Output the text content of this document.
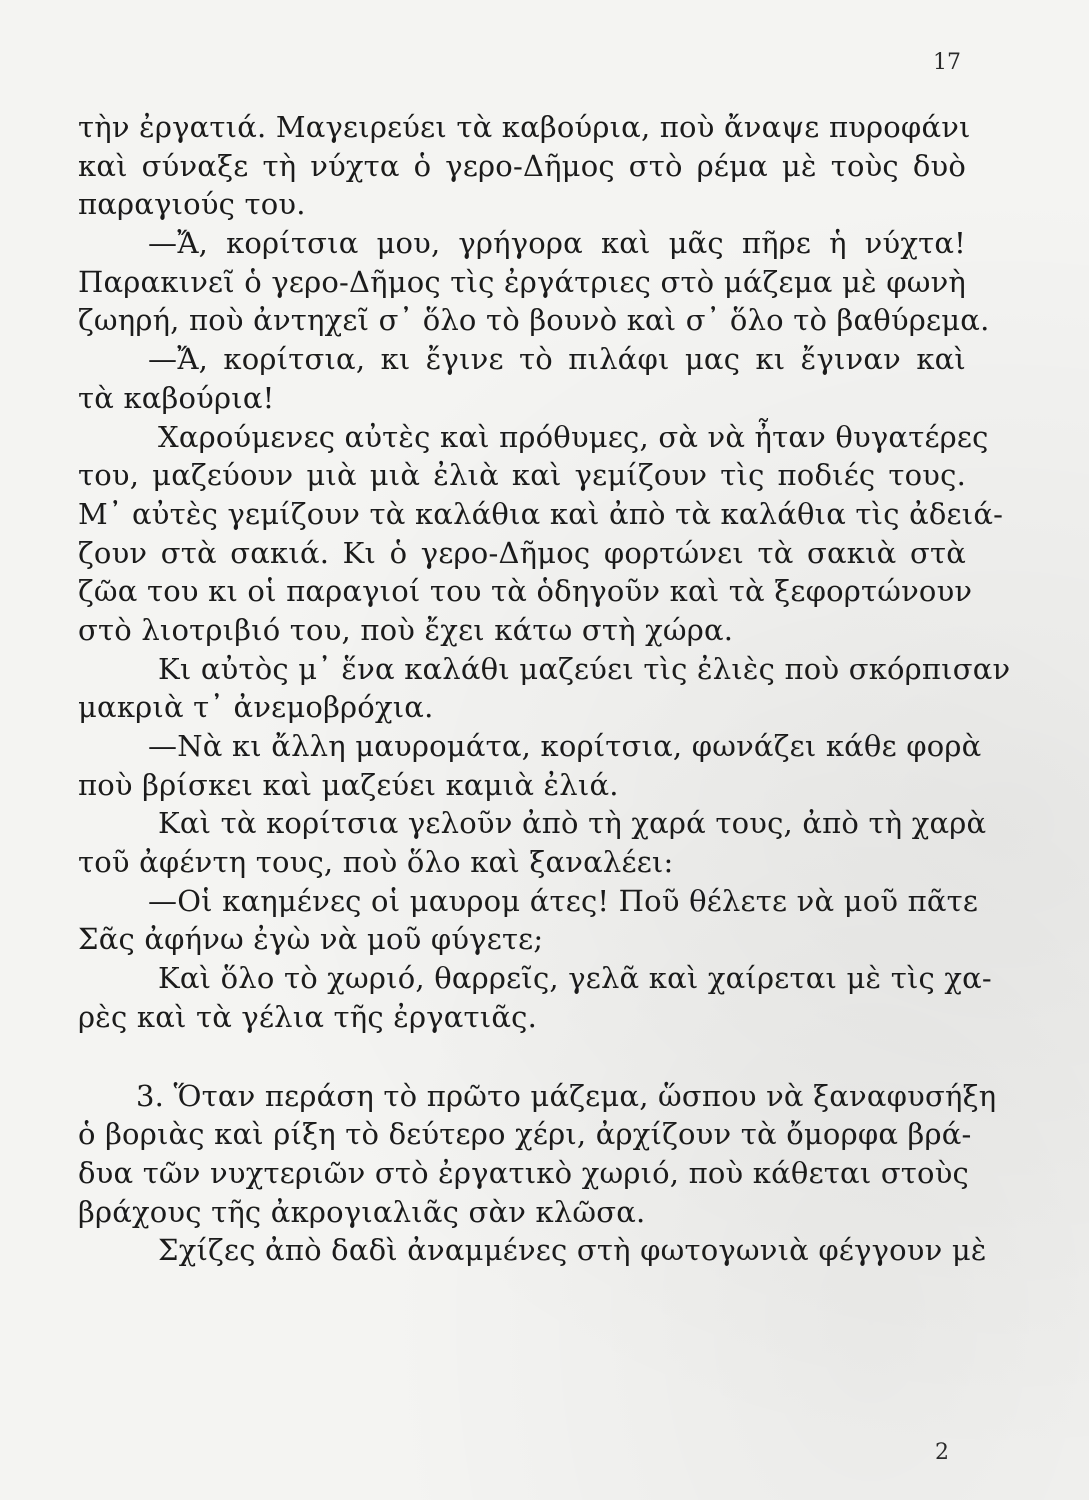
17
τὴν ἐργατιά. Μαγειρεύει τὰ καβούρια, ποὺ ἄναψε πυροφάνι
καὶ σύναξε τὴ νύχτα ὁ γερο-Δῆμος στὸ ρέμα μὲ τοὺς δυὸ
παραγιούς του.
—Ἄ, κορίτσια μου, γρήγορα καὶ μᾶς πῆρε ἡ νύχτα!
Παρακινεῖ ὁ γερο-Δῆμος τὶς ἐργάτριες στὸ μάζεμα μὲ φωνὴ
ζωηρή, ποὺ ἀντηχεῖ σ᾽ ὅλο τὸ βουνὸ καὶ σ᾽ ὅλο τὸ βαθύρεμα.
—Ἄ, κορίτσια, κι ἔγινε τὸ πιλάφι μας κι ἔγιναν καὶ
τὰ καβούρια!
Χαρούμενες αὐτὲς καὶ πρόθυμες, σὰ νὰ ἦταν θυγατέρες
του, μαζεύουν μιὰ μιὰ ἐλιὰ καὶ γεμίζουν τὶς ποδιές τους.
Μ᾽ αὐτὲς γεμίζουν τὰ καλάθια καὶ ἀπὸ τὰ καλάθια τὶς ἀδειά-
ζουν στὰ σακιά. Κι ὁ γερο-Δῆμος φορτώνει τὰ σακιὰ στὰ
ζῶα του κι οἱ παραγιοί του τὰ ὁδηγοῦν καὶ τὰ ξεφορτώνουν
στὸ λιοτριβιό του, ποὺ ἔχει κάτω στὴ χώρα.
Κι αὐτὸς μ᾽ ἕνα καλάθι μαζεύει τὶς ἐλιὲς ποὺ σκόρπισαν
μακριὰ τ᾽ ἀνεμοβρόχια.
—Νὰ κι ἄλλη μαυρομάτα, κορίτσια, φωνάζει κάθε φορὰ
ποὺ βρίσκει καὶ μαζεύει καμιὰ ἐλιά.
Καὶ τὰ κορίτσια γελοῦν ἀπὸ τὴ χαρά τους, ἀπὸ τὴ χαρὰ
τοῦ ἀφέντη τους, ποὺ ὅλο καὶ ξαναλέει:
—Οἱ καημένες οἱ μαυρομ άτες! Ποῦ θέλετε νὰ μοῦ πᾶτε
Σᾶς ἀφήνω ἐγὼ νὰ μοῦ φύγετε;
Καὶ ὅλο τὸ χωριό, θαρρεῖς, γελᾶ καὶ χαίρεται μὲ τὶς χα-
ρὲς καὶ τὰ γέλια τῆς ἐργατιᾶς.
3. Ὅταν περάση τὸ πρῶτο μάζεμα, ὥσπου νὰ ξαναφυσήξη
ὁ βοριὰς καὶ ρίξη τὸ δεύτερο χέρι, ἀρχίζουν τὰ ὄμορφα βρά-
δυα τῶν νυχτεριῶν στὸ ἐργατικὸ χωριό, ποὺ κάθεται στοὺς
βράχους τῆς ἀκρογιαλιᾶς σὰν κλῶσα.
Σχίζες ἀπὸ δαδὶ ἀναμμένες στὴ φωτογωνιὰ φέγγουν μὲ
2
